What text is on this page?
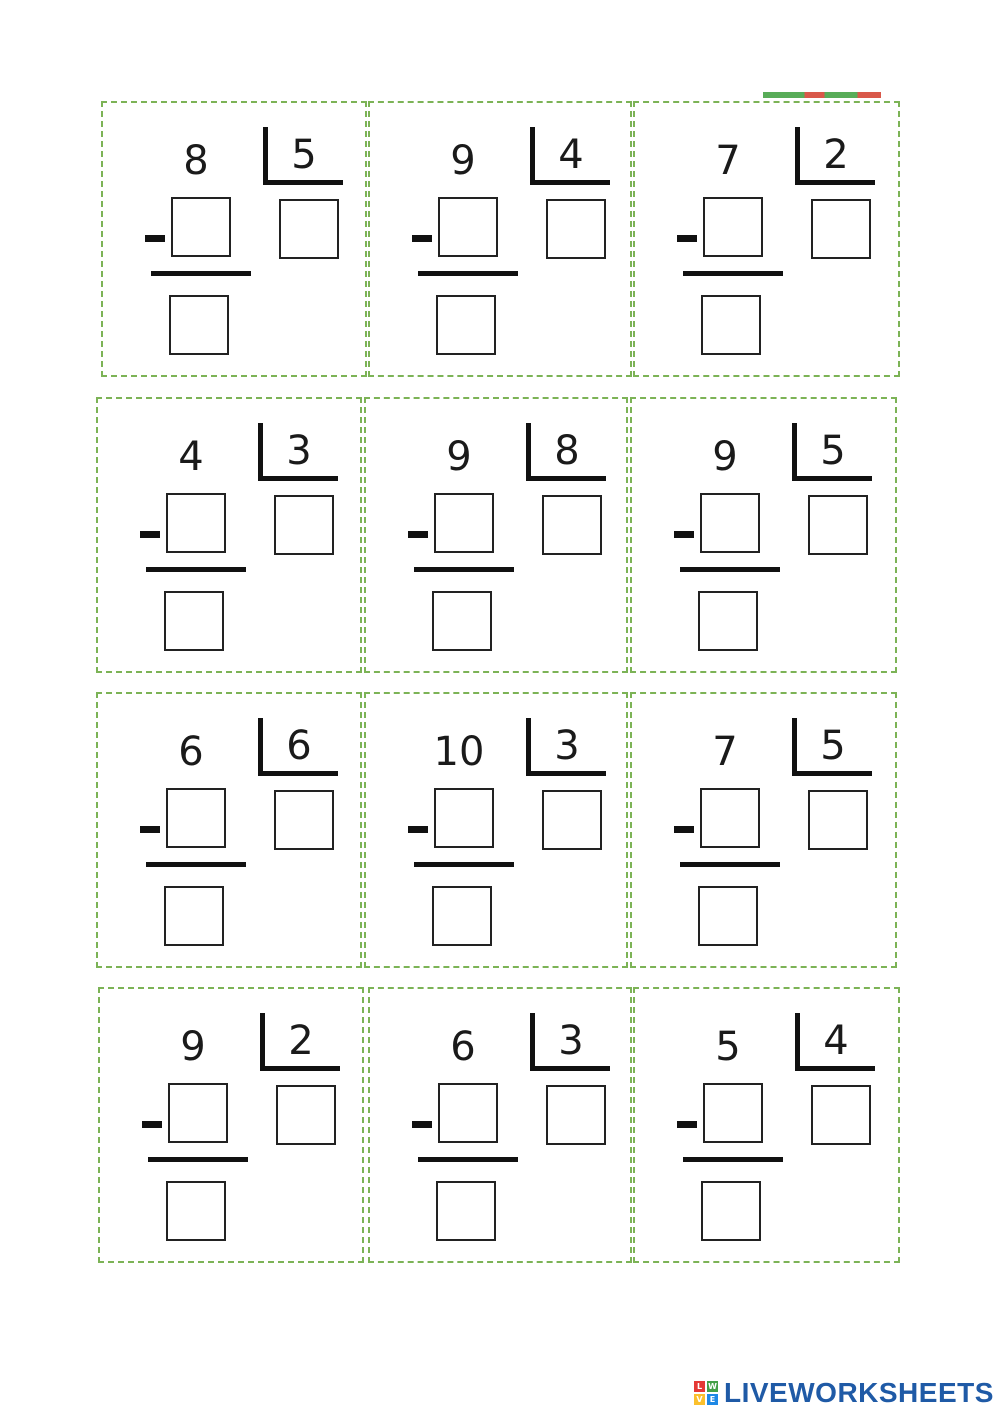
8	5	9	4	7	2
4	3	9	8	9	5
6	6	10	3	7	5
9	2	6	3	5	4
L W
V E LIVEWORKSHEETS
